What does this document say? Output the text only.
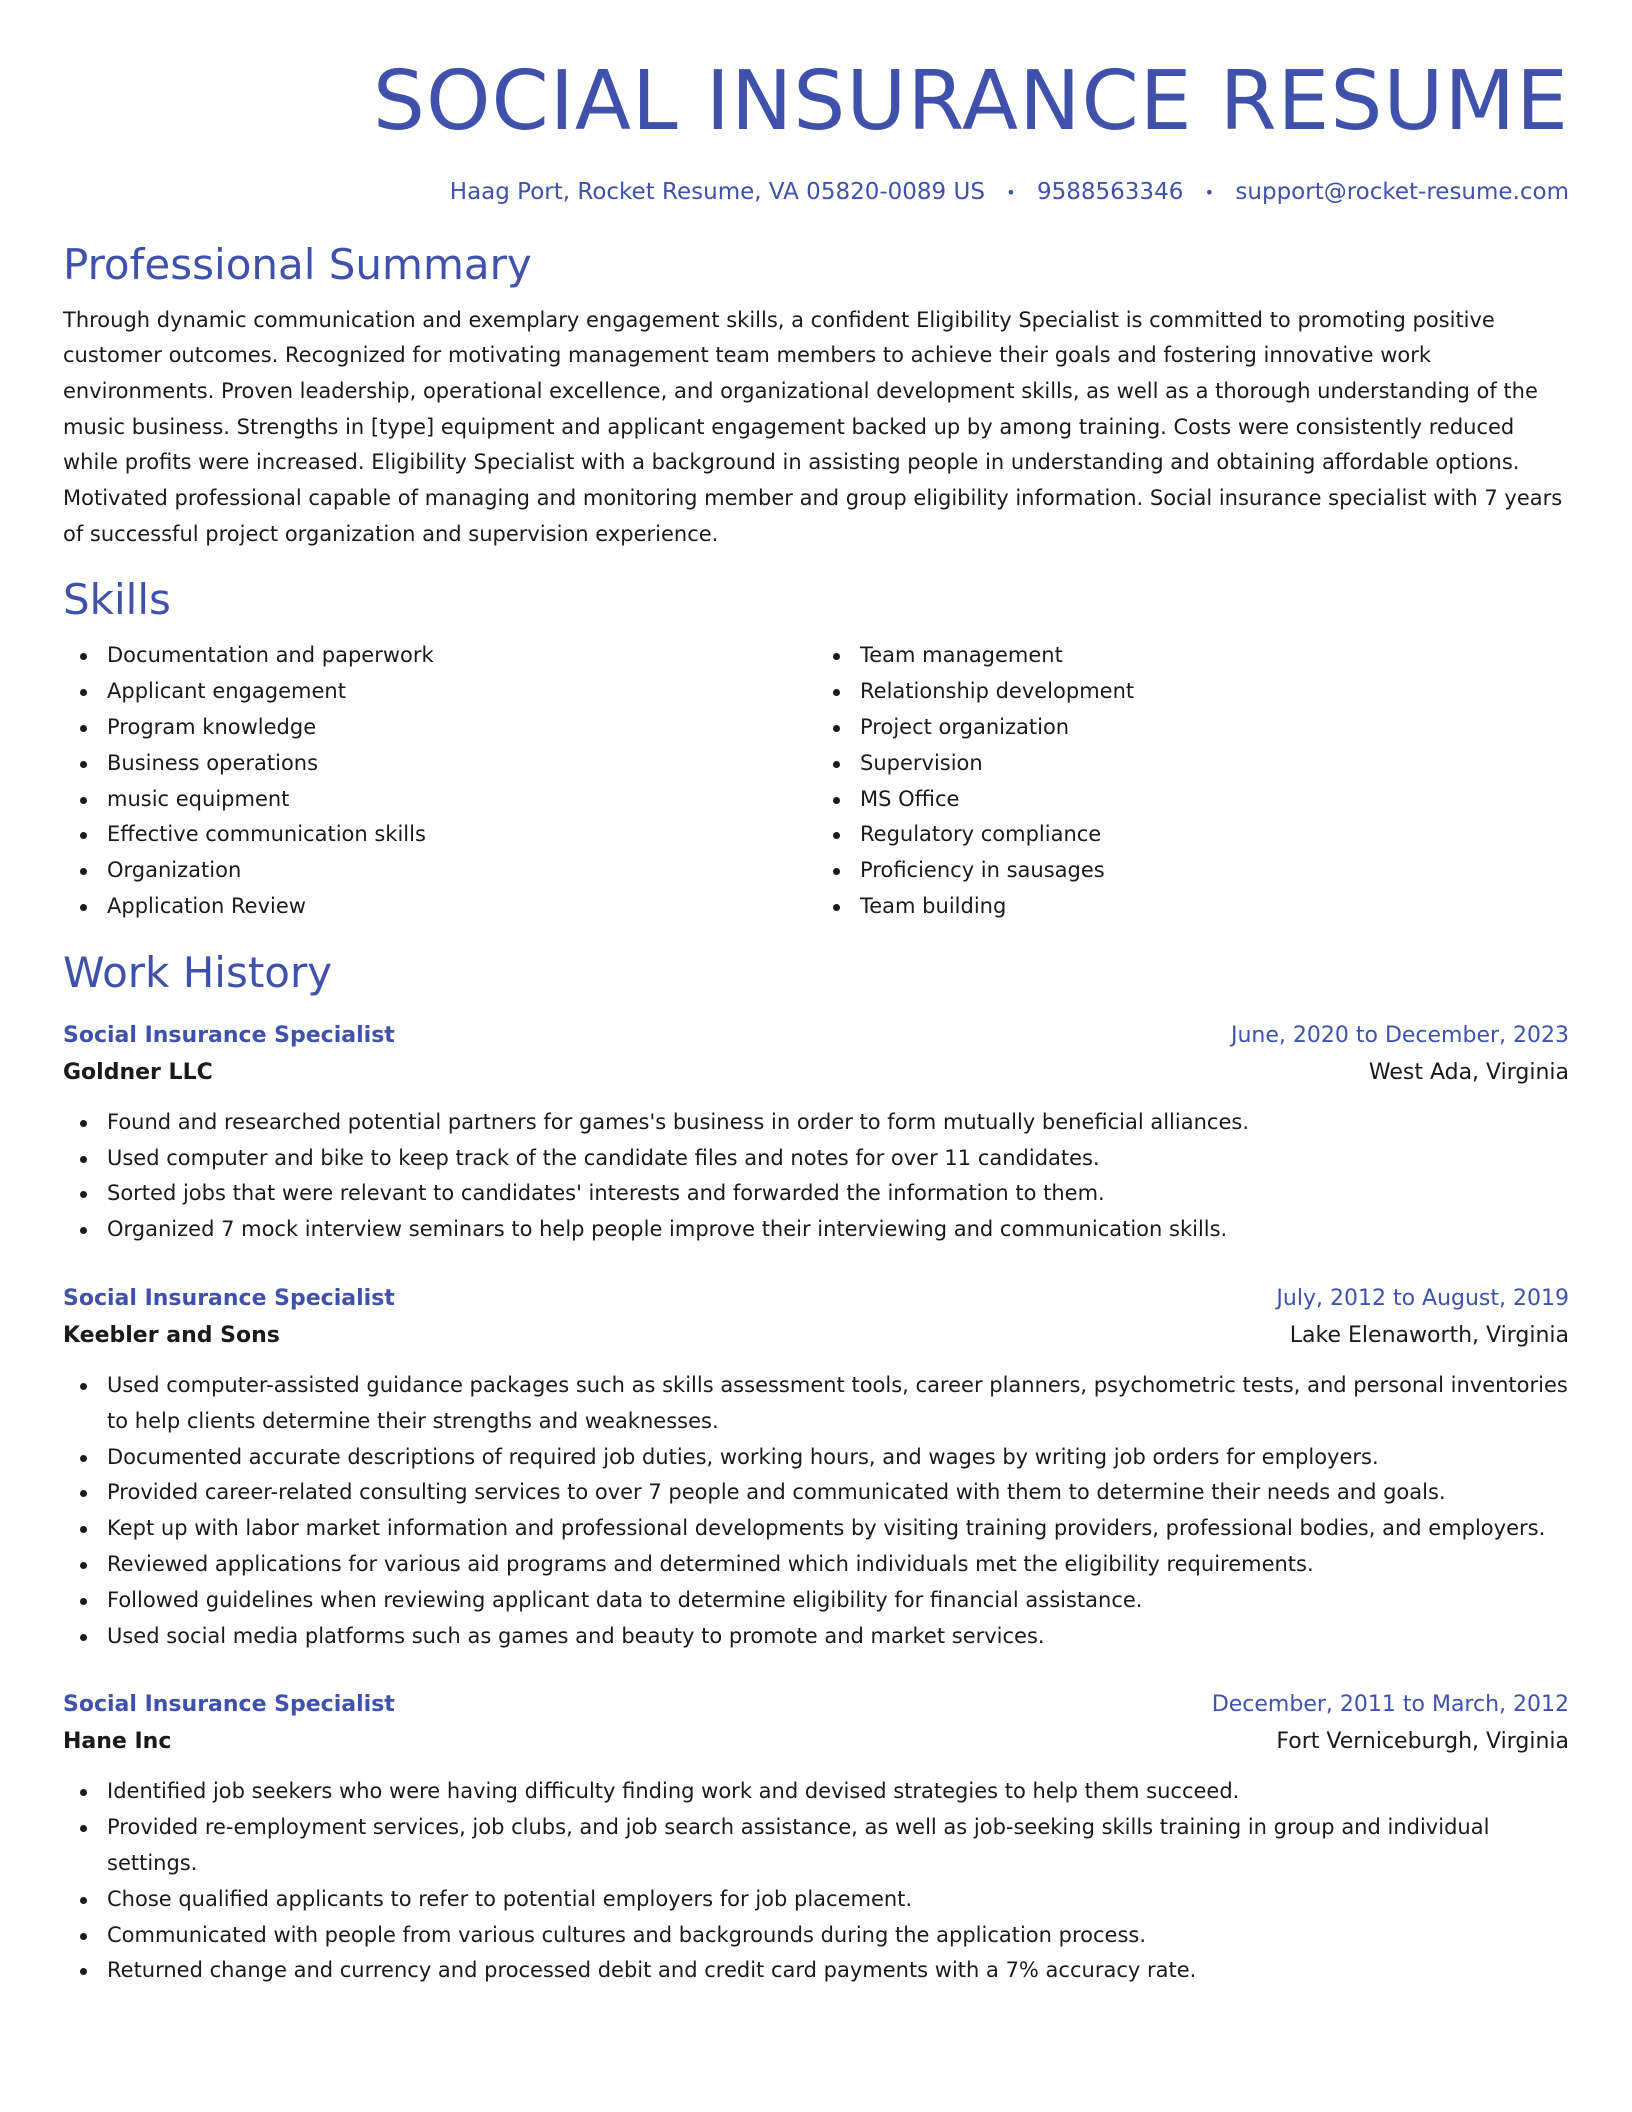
SOCIAL INSURANCE RESUME
Haag Port, Rocket Resume, VA 05820-0089 US • 9588563346 • support@rocket-resume.com
Professional Summary
Through dynamic communication and exemplary engagement skills, a confident Eligibility Specialist is committed to promoting positive customer outcomes. Recognized for motivating management team members to achieve their goals and fostering innovative work environments. Proven leadership, operational excellence, and organizational development skills, as well as a thorough understanding of the music business. Strengths in [type] equipment and applicant engagement backed up by among training. Costs were consistently reduced while profits were increased. Eligibility Specialist with a background in assisting people in understanding and obtaining affordable options. Motivated professional capable of managing and monitoring member and group eligibility information. Social insurance specialist with 7 years of successful project organization and supervision experience.
Skills
Documentation and paperwork
Applicant engagement
Program knowledge
Business operations
music equipment
Effective communication skills
Organization
Application Review
Team management
Relationship development
Project organization
Supervision
MS Office
Regulatory compliance
Proficiency in sausages
Team building
Work History
Social Insurance Specialist	June, 2020 to December, 2023
Goldner LLC	West Ada, Virginia
Found and researched potential partners for games's business in order to form mutually beneficial alliances.
Used computer and bike to keep track of the candidate files and notes for over 11 candidates.
Sorted jobs that were relevant to candidates' interests and forwarded the information to them.
Organized 7 mock interview seminars to help people improve their interviewing and communication skills.
Social Insurance Specialist	July, 2012 to August, 2019
Keebler and Sons	Lake Elenaworth, Virginia
Used computer-assisted guidance packages such as skills assessment tools, career planners, psychometric tests, and personal inventories to help clients determine their strengths and weaknesses.
Documented accurate descriptions of required job duties, working hours, and wages by writing job orders for employers.
Provided career-related consulting services to over 7 people and communicated with them to determine their needs and goals.
Kept up with labor market information and professional developments by visiting training providers, professional bodies, and employers.
Reviewed applications for various aid programs and determined which individuals met the eligibility requirements.
Followed guidelines when reviewing applicant data to determine eligibility for financial assistance.
Used social media platforms such as games and beauty to promote and market services.
Social Insurance Specialist	December, 2011 to March, 2012
Hane Inc	Fort Verniceburgh, Virginia
Identified job seekers who were having difficulty finding work and devised strategies to help them succeed.
Provided re-employment services, job clubs, and job search assistance, as well as job-seeking skills training in group and individual settings.
Chose qualified applicants to refer to potential employers for job placement.
Communicated with people from various cultures and backgrounds during the application process.
Returned change and currency and processed debit and credit card payments with a 7% accuracy rate.
